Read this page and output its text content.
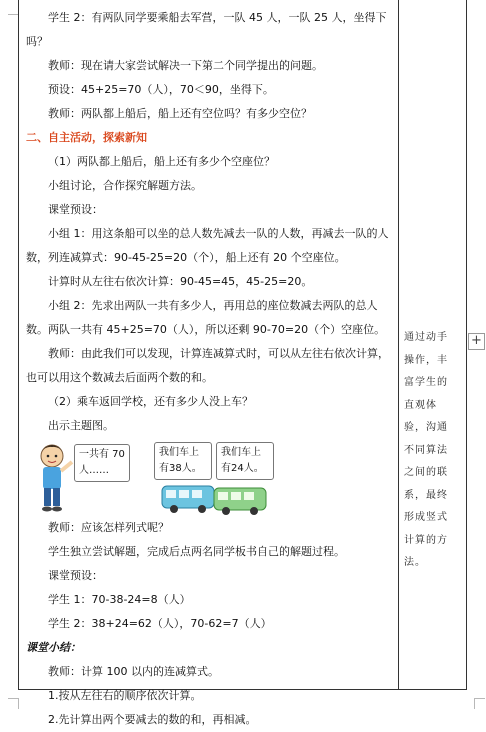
学生 2：有两队同学要乘船去军营，一队 45 人，一队 25 人，坐得下吗？

教师：现在请大家尝试解决一下第二个同学提出的问题。

预设：45+25=70（人），70＜90，坐得下。

教师：两队都上船后，船上还有空位吗？有多少空位？

二、自主活动，探索新知

（1）两队都上船后，船上还有多少个空座位？

小组讨论，合作探究解题方法。

课堂预设：

小组 1：用这条船可以坐的总人数先减去一队的人数，再减去一队的人数，列连减算式：90-45-25=20（个），船上还有 20 个空座位。

计算时从左往右依次计算：90-45=45，45-25=20。

小组 2：先求出两队一共有多少人，再用总的座位数减去两队的总人数。两队一共有 45+25=70（人），所以还剩 90-70=20（个）空座位。

教师：由此我们可以发现，计算连减算式时，可以从左往右依次计算，也可以用这个数减去后面两个数的和。

（2）乘车返回学校，还有多少人没上车？

出示主题图。

一共有 70人……
我们车上有38人。
我们车上有24人。

教师：应该怎样列式呢？

学生独立尝试解题，完成后点两名同学板书自己的解题过程。

课堂预设：

学生 1：70-38-24=8（人）

学生 2：38+24=62（人），70-62=7（人）

课堂小结：

教师：计算 100 以内的连减算式。

1.按从左往右的顺序依次计算。

2.先计算出两个要减去的数的和，再相减。

通过动手操作，丰富学生的直观体验，沟通不同算法之间的联系，最终形成竖式计算的方法。
+
